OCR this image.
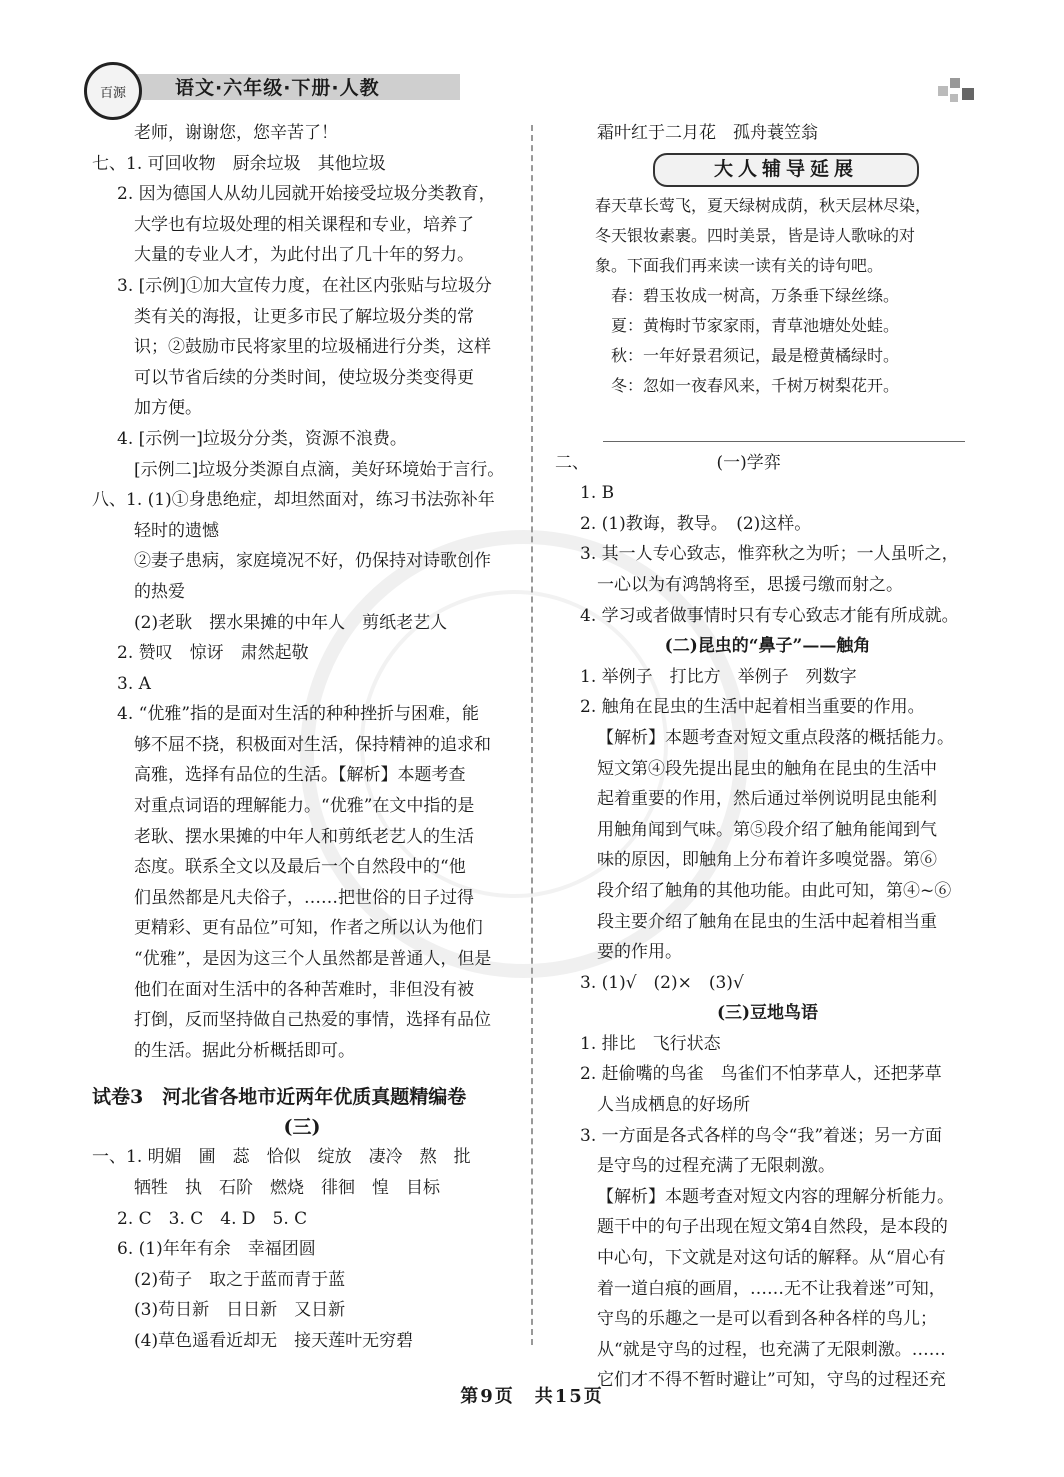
百源	语文·六年级·下册·人教
老师，谢谢您，您辛苦了！
七、1. 可回收物　厨余垃圾　其他垃圾
2. 因为德国人从幼儿园就开始接受垃圾分类教育，
大学也有垃圾处理的相关课程和专业，培养了
大量的专业人才，为此付出了几十年的努力。
3. [示例]①加大宣传力度，在社区内张贴与垃圾分
类有关的海报，让更多市民了解垃圾分类的常
识；②鼓励市民将家里的垃圾桶进行分类，这样
可以节省后续的分类时间，使垃圾分类变得更
加方便。
4. [示例一]垃圾分分类，资源不浪费。
[示例二]垃圾分类源自点滴，美好环境始于言行。
八、1. (1)①身患绝症，却坦然面对，练习书法弥补年
轻时的遗憾
②妻子患病，家庭境况不好，仍保持对诗歌创作
的热爱
(2)老耿　摆水果摊的中年人　剪纸老艺人
2. 赞叹　惊讶　肃然起敬
3. A
4. “优雅”指的是面对生活的种种挫折与困难，能
够不屈不挠，积极面对生活，保持精神的追求和
高雅，选择有品位的生活。【解析】本题考查
对重点词语的理解能力。“优雅”在文中指的是
老耿、摆水果摊的中年人和剪纸老艺人的生活
态度。联系全文以及最后一个自然段中的“他
们虽然都是凡夫俗子，……把世俗的日子过得
更精彩、更有品位”可知，作者之所以认为他们
“优雅”，是因为这三个人虽然都是普通人，但是
他们在面对生活中的各种苦难时，非但没有被
打倒，反而坚持做自己热爱的事情，选择有品位
的生活。据此分析概括即可。
试卷3　河北省各地市近两年优质真题精编卷
(三)
一、1. 明媚　圃　蕊　恰似　绽放　凄冷　熬　批
牺牲　执　石阶　燃烧　徘徊　惶　目标
2. C　3. C　4. D　5. C
6. (1)年年有余　幸福团圆
(2)荀子　取之于蓝而青于蓝
(3)苟日新　日日新　又日新
(4)草色遥看近却无　接天莲叶无穷碧
霜叶红于二月花　孤舟蓑笠翁
大人辅导延展
春天草长莺飞，夏天绿树成荫，秋天层林尽染，
冬天银妆素裹。四时美景，皆是诗人歌咏的对
象。下面我们再来读一读有关的诗句吧。
　春：碧玉妆成一树高，万条垂下绿丝绦。
　夏：黄梅时节家家雨，青草池塘处处蛙。
　秋：一年好景君须记，最是橙黄橘绿时。
　冬：忽如一夜春风来，千树万树梨花开。
二、　　　　　　　　(一)学弈
1. B
2. (1)教诲，教导。　(2)这样。
3. 其一人专心致志，惟弈秋之为听；一人虽听之，
一心以为有鸿鹄将至，思援弓缴而射之。
4. 学习或者做事情时只有专心致志才能有所成就。
(二)昆虫的“鼻子”——触角
1. 举例子　打比方　举例子　列数字
2. 触角在昆虫的生活中起着相当重要的作用。
【解析】本题考查对短文重点段落的概括能力。
短文第④段先提出昆虫的触角在昆虫的生活中
起着重要的作用，然后通过举例说明昆虫能利
用触角闻到气味。第⑤段介绍了触角能闻到气
味的原因，即触角上分布着许多嗅觉器。第⑥
段介绍了触角的其他功能。由此可知，第④~⑥
段主要介绍了触角在昆虫的生活中起着相当重
要的作用。
3. (1)√　(2)×　(3)√
(三)豆地鸟语
1. 排比　飞行状态
2. 赶偷嘴的鸟雀　鸟雀们不怕茅草人，还把茅草
人当成栖息的好场所
3. 一方面是各式各样的鸟令“我”着迷；另一方面
是守鸟的过程充满了无限刺激。
【解析】本题考查对短文内容的理解分析能力。
题干中的句子出现在短文第4自然段，是本段的
中心句，下文就是对这句话的解释。从“眉心有
着一道白痕的画眉，……无不让我着迷”可知，
守鸟的乐趣之一是可以看到各种各样的鸟儿；
从“就是守鸟的过程，也充满了无限刺激。……
它们才不得不暂时避让”可知，守鸟的过程还充
第9页　共15页
